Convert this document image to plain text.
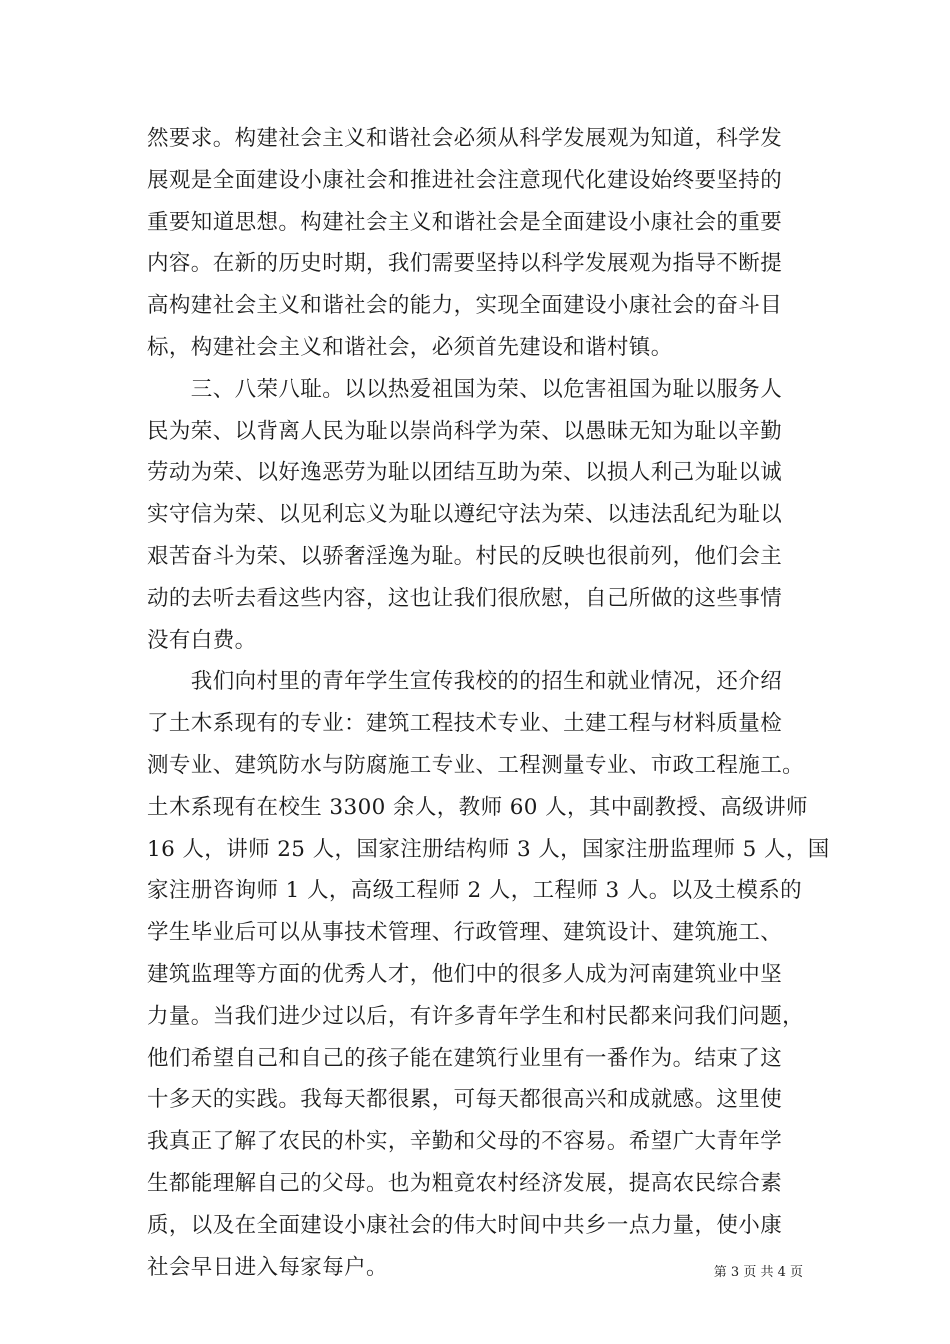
然要求。构建社会主义和谐社会必须从科学发展观为知道，科学发
展观是全面建设小康社会和推进社会注意现代化建设始终要坚持的
重要知道思想。构建社会主义和谐社会是全面建设小康社会的重要
内容。在新的历史时期，我们需要坚持以科学发展观为指导不断提
高构建社会主义和谐社会的能力，实现全面建设小康社会的奋斗目
标，构建社会主义和谐社会，必须首先建设和谐村镇。
　　三、八荣八耻。以以热爱祖国为荣、以危害祖国为耻以服务人
民为荣、以背离人民为耻以崇尚科学为荣、以愚昧无知为耻以辛勤
劳动为荣、以好逸恶劳为耻以团结互助为荣、以损人利己为耻以诚
实守信为荣、以见利忘义为耻以遵纪守法为荣、以违法乱纪为耻以
艰苦奋斗为荣、以骄奢淫逸为耻。村民的反映也很前列，他们会主
动的去听去看这些内容，这也让我们很欣慰，自己所做的这些事情
没有白费。
　　我们向村里的青年学生宣传我校的的招生和就业情况，还介绍
了土木系现有的专业：建筑工程技术专业、土建工程与材料质量检
测专业、建筑防水与防腐施工专业、工程测量专业、市政工程施工。
土木系现有在校生 3300 余人，教师 60 人，其中副教授、高级讲师
16 人，讲师 25 人，国家注册结构师 3 人，国家注册监理师 5 人，国
家注册咨询师 1 人，高级工程师 2 人，工程师 3 人。以及土模系的
学生毕业后可以从事技术管理、行政管理、建筑设计、建筑施工、
建筑监理等方面的优秀人才，他们中的很多人成为河南建筑业中坚
力量。当我们进少过以后，有许多青年学生和村民都来问我们问题，
他们希望自己和自己的孩子能在建筑行业里有一番作为。结束了这
十多天的实践。我每天都很累，可每天都很高兴和成就感。这里使
我真正了解了农民的朴实，辛勤和父母的不容易。希望广大青年学
生都能理解自己的父母。也为粗竟农村经济发展，提高农民综合素
质，以及在全面建设小康社会的伟大时间中共乡一点力量，使小康
社会早日进入每家每户。	第 3 页 共 4 页
